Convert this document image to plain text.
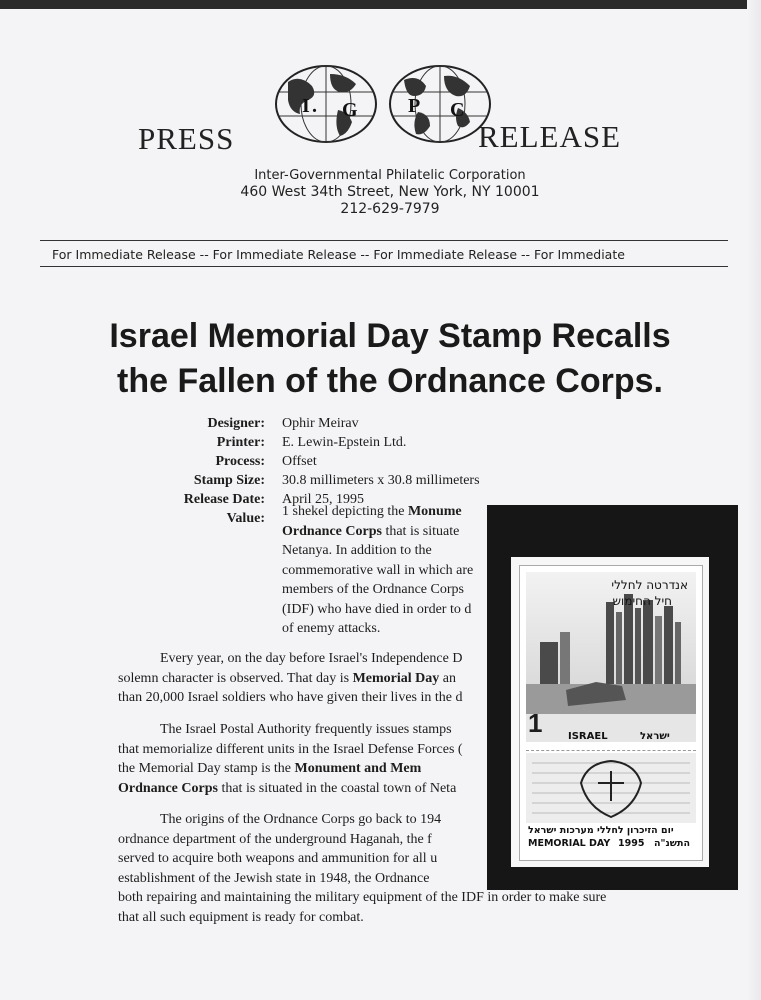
I . G	P C
PRESS	RELEASE
Inter-Governmental Philatelic Corporation
460 West 34th Street, New York, NY 10001
212-629-7979
For Immediate Release -- For Immediate Release -- For Immediate Release -- For Immediate
Israel Memorial Day Stamp Recalls
the Fallen of the Ordnance Corps.
Designer: Ophir Meirav
Printer: E. Lewin-Epstein Ltd.
Process: Offset
Stamp Size: 30.8 millimeters x 30.8 millimeters
Release Date: April 25, 1995
Value: 1 shekel depicting the Monume
Ordnance Corps that is situate
Netanya. In addition to the
commemorative wall in which are
members of the Ordnance Corps
(IDF) who have died in order to d
of enemy attacks.
Every year, on the day before Israel's Independence D
solemn character is observed. That day is Memorial Day an
than 20,000 Israel soldiers who have given their lives in the d
The Israel Postal Authority frequently issues stamps
that memorialize different units in the Israel Defense Forces (
the Memorial Day stamp is the Monument and Mem
Ordnance Corps that is situated in the coastal town of Neta
The origins of the Ordnance Corps go back to 194
ordnance department of the underground Haganah, the f
served to acquire both weapons and ammunition for all u
establishment of the Jewish state in 1948, the Ordnance
both repairing and maintaining the military equipment of the IDF in order to make sure
that all such equipment is ready for combat.
אנדרטה לחללי
חיל החימוש
1	ISRAEL	ישראל
יום הזיכרון לחללי מערכות ישראל
MEMORIAL DAY 1995 התשנ"ה
